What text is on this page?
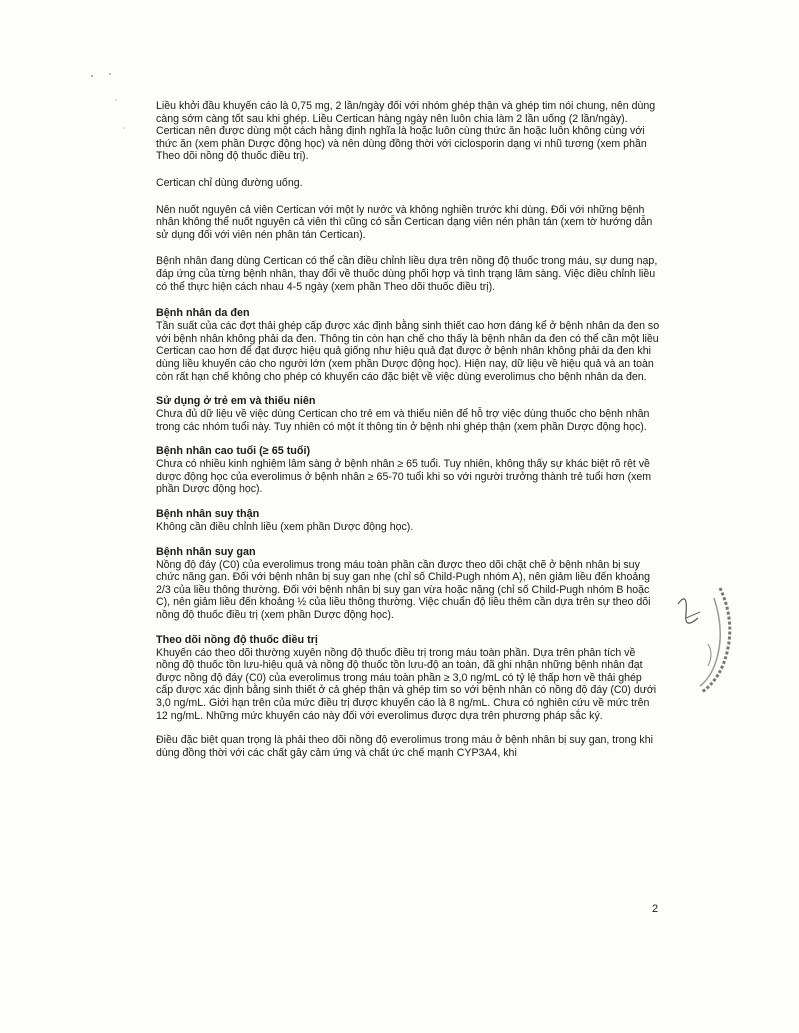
Liều khởi đầu khuyến cáo là 0,75 mg, 2 lần/ngày đối với nhóm ghép thận và ghép tim nói chung, nên dùng càng sớm càng tốt sau khi ghép. Liều Certican hàng ngày nên luôn chia làm 2 lần uống (2 lần/ngày). Certican nên được dùng một cách hằng định nghĩa là hoặc luôn cùng thức ăn hoặc luôn không cùng với thức ăn (xem phần Dược động học) và nên dùng đồng thời với ciclosporin dạng vi nhũ tương (xem phần Theo dõi nồng độ thuốc điều trị).

Certican chỉ dùng đường uống.

Nên nuốt nguyên cả viên Certican với một ly nước và không nghiền trước khi dùng. Đối với những bệnh nhân không thể nuốt nguyên cả viên thì cũng có sẵn Certican dạng viên nén phân tán (xem tờ hướng dẫn sử dụng đối với viên nén phân tán Certican).

Bệnh nhân đang dùng Certican có thể cần điều chỉnh liều dựa trên nồng độ thuốc trong máu, sự dung nạp, đáp ứng của từng bệnh nhân, thay đổi về thuốc dùng phối hợp và tình trạng lâm sàng. Việc điều chỉnh liều có thể thực hiện cách nhau 4-5 ngày (xem phần Theo dõi thuốc điều trị).

Bệnh nhân da đen
Tần suất của các đợt thải ghép cấp được xác định bằng sinh thiết cao hơn đáng kể ở bệnh nhân da đen so với bệnh nhân không phải da đen. Thông tin còn hạn chế cho thấy là bệnh nhân da đen có thể cần một liều Certican cao hơn để đạt được hiệu quả giống như hiệu quả đạt được ở bệnh nhân không phải da đen khi dùng liều khuyến cáo cho người lớn (xem phần Dược động học). Hiện nay, dữ liệu về hiệu quả và an toàn còn rất hạn chế không cho phép có khuyến cáo đặc biệt về việc dùng everolimus cho bệnh nhân da đen.
Sử dụng ở trẻ em và thiếu niên
Chưa đủ dữ liệu về việc dùng Certican cho trẻ em và thiếu niên để hỗ trợ việc dùng thuốc cho bệnh nhân trong các nhóm tuổi này. Tuy nhiên có một ít thông tin ở bệnh nhi ghép thận (xem phần Dược động học).
Bệnh nhân cao tuổi (≥ 65 tuổi)
Chưa có nhiều kinh nghiệm lâm sàng ở bệnh nhân ≥ 65 tuổi. Tuy nhiên, không thấy sự khác biệt rõ rệt về dược động học của everolimus ở bệnh nhân ≥ 65-70 tuổi khi so với người trưởng thành trẻ tuổi hơn (xem phần Dược động học).
Bệnh nhân suy thận
Không cần điều chỉnh liều (xem phần Dược động học).
Bệnh nhân suy gan
Nồng độ đáy (C0) của everolimus trong máu toàn phần cần được theo dõi chặt chẽ ở bệnh nhân bị suy chức năng gan. Đối với bệnh nhân bị suy gan nhẹ (chỉ số Child-Pugh nhóm A), nên giảm liều đến khoảng 2/3 của liều thông thường. Đối với bệnh nhân bị suy gan vừa hoặc nặng (chỉ số Child-Pugh nhóm B hoặc C), nên giảm liều đến khoảng ½ của liều thông thường. Việc chuẩn độ liều thêm cần dựa trên sự theo dõi nồng độ thuốc điều trị (xem phần Dược động học).
Theo dõi nồng độ thuốc điều trị
Khuyến cáo theo dõi thường xuyên nồng độ thuốc điều trị trong máu toàn phần. Dựa trên phân tích về nồng độ thuốc tồn lưu-hiệu quả và nồng độ thuốc tồn lưu-độ an toàn, đã ghi nhận những bệnh nhân đạt được nồng độ đáy (C0) của everolimus trong máu toàn phần ≥ 3,0 ng/mL có tỷ lệ thấp hơn về thải ghép cấp được xác định bằng sinh thiết ở cả ghép thận và ghép tim so với bệnh nhân có nồng độ đáy (C0) dưới 3,0 ng/mL. Giới hạn trên của mức điều trị được khuyến cáo là 8 ng/mL. Chưa có nghiên cứu về mức trên 12 ng/mL. Những mức khuyến cáo này đối với everolimus được dựa trên phương pháp sắc ký.

Điều đặc biệt quan trọng là phải theo dõi nồng độ everolimus trong máu ở bệnh nhân bị suy gan, trong khi dùng đồng thời với các chất gây cảm ứng và chất ức chế mạnh CYP3A4, khi

2
